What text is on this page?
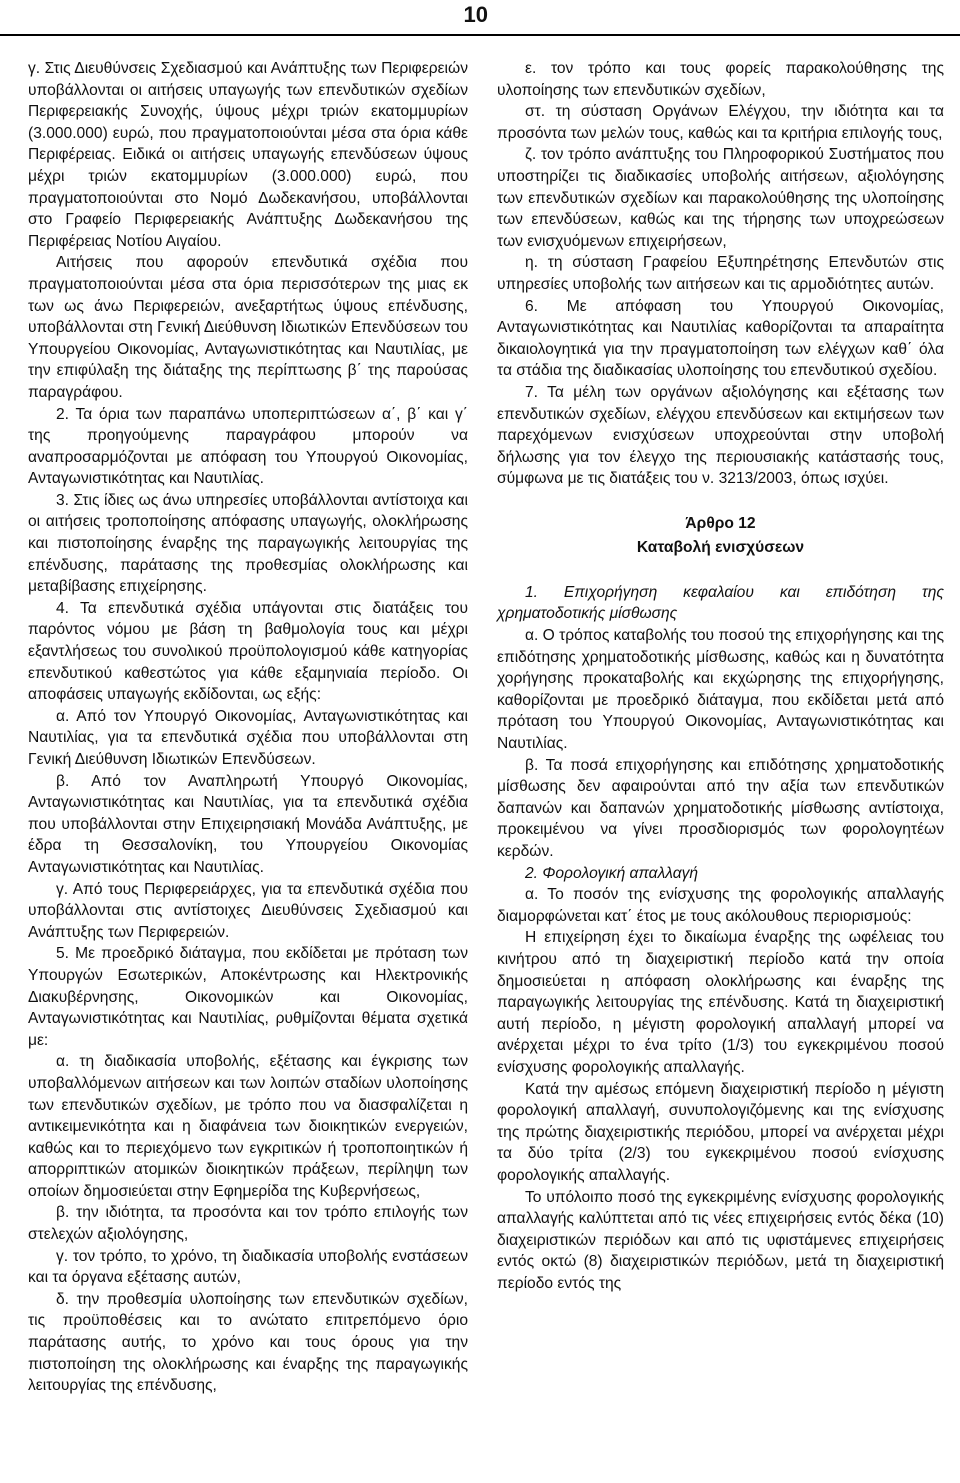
10

γ. Στις Διευθύνσεις Σχεδιασμού και Ανάπτυξης των Περιφερειών υποβάλλονται οι αιτήσεις υπαγωγής των επενδυτικών σχεδίων Περιφερειακής Συνοχής, ύψους μέχρι τριών εκατομμυρίων (3.000.000) ευρώ, που πραγματοποιούνται μέσα στα όρια κάθε Περιφέρειας. Ειδικά οι αιτήσεις υπαγωγής επενδύσεων ύψους μέχρι τριών εκατομμυρίων (3.000.000) ευρώ, που πραγματοποιούνται στο Νομό Δωδεκανήσου, υποβάλλονται στο Γραφείο Περιφερειακής Ανάπτυξης Δωδεκανήσου της Περιφέρειας Νοτίου Αιγαίου.

Αιτήσεις που αφορούν επενδυτικά σχέδια που πραγματοποιούνται μέσα στα όρια περισσότερων της μιας εκ των ως άνω Περιφερειών, ανεξαρτήτως ύψους επένδυσης, υποβάλλονται στη Γενική Διεύθυνση Ιδιωτικών Επενδύσεων του Υπουργείου Οικονομίας, Ανταγωνιστικότητας και Ναυτιλίας, με την επιφύλαξη της διάταξης της περίπτωσης β΄ της παρούσας παραγράφου.

2. Τα όρια των παραπάνω υποπεριπτώσεων α΄, β΄ και γ΄ της προηγούμενης παραγράφου μπορούν να αναπροσαρμόζονται με απόφαση του Υπουργού Οικονομίας, Ανταγωνιστικότητας και Ναυτιλίας.

3. Στις ίδιες ως άνω υπηρεσίες υποβάλλονται αντίστοιχα και οι αιτήσεις τροποποίησης απόφασης υπαγωγής, ολοκλήρωσης και πιστοποίησης έναρξης της παραγωγικής λειτουργίας της επένδυσης, παράτασης της προθεσμίας ολοκλήρωσης και μεταβίβασης επιχείρησης.

4. Τα επενδυτικά σχέδια υπάγονται στις διατάξεις του παρόντος νόμου με βάση τη βαθμολογία τους και μέχρι εξαντλήσεως του συνολικού προϋπολογισμού κάθε κατηγορίας επενδυτικού καθεστώτος για κάθε εξαμηνιαία περίοδο. Οι αποφάσεις υπαγωγής εκδίδονται, ως εξής:

α. Από τον Υπουργό Οικονομίας, Ανταγωνιστικότητας και Ναυτιλίας, για τα επενδυτικά σχέδια που υποβάλλονται στη Γενική Διεύθυνση Ιδιωτικών Επενδύσεων.

β. Από τον Αναπληρωτή Υπουργό Οικονομίας, Ανταγωνιστικότητας και Ναυτιλίας, για τα επενδυτικά σχέδια που υποβάλλονται στην Επιχειρησιακή Μονάδα Ανάπτυξης, με έδρα τη Θεσσαλονίκη, του Υπουργείου Οικονομίας Ανταγωνιστικότητας και Ναυτιλίας.

γ. Από τους Περιφερειάρχες, για τα επενδυτικά σχέδια που υποβάλλονται στις αντίστοιχες Διευθύνσεις Σχεδιασμού και Ανάπτυξης των Περιφερειών.

5. Με προεδρικό διάταγμα, που εκδίδεται με πρόταση των Υπουργών Εσωτερικών, Αποκέντρωσης και Ηλεκτρονικής Διακυβέρνησης, Οικονομικών και Οικονομίας, Ανταγωνιστικότητας και Ναυτιλίας, ρυθμίζονται θέματα σχετικά με:

α. τη διαδικασία υποβολής, εξέτασης και έγκρισης των υποβαλλόμενων αιτήσεων και των λοιπών σταδίων υλοποίησης των επενδυτικών σχεδίων, με τρόπο που να διασφαλίζεται η αντικειμενικότητα και η διαφάνεια των διοικητικών ενεργειών, καθώς και το περιεχόμενο των εγκριτικών ή τροποποιητικών ή απορριπτικών ατομικών διοικητικών πράξεων, περίληψη των οποίων δημοσιεύεται στην Εφημερίδα της Κυβερνήσεως,

β. την ιδιότητα, τα προσόντα και τον τρόπο επιλογής των στελεχών αξιολόγησης,

γ. τον τρόπο, το χρόνο, τη διαδικασία υποβολής ενστάσεων και τα όργανα εξέτασης αυτών,

δ. την προθεσμία υλοποίησης των επενδυτικών σχεδίων, τις προϋποθέσεις και το ανώτατο επιτρεπόμενο όριο παράτασης αυτής, το χρόνο και τους όρους για την πιστοποίηση της ολοκλήρωσης και έναρξης της παραγωγικής λειτουργίας της επένδυσης,

ε. τον τρόπο και τους φορείς παρακολούθησης της υλοποίησης των επενδυτικών σχεδίων,

στ. τη σύσταση Οργάνων Ελέγχου, την ιδιότητα και τα προσόντα των μελών τους, καθώς και τα κριτήρια επιλογής τους,

ζ. τον τρόπο ανάπτυξης του Πληροφορικού Συστήματος που υποστηρίζει τις διαδικασίες υποβολής αιτήσεων, αξιολόγησης των επενδυτικών σχεδίων και παρακολούθησης της υλοποίησης των επενδύσεων, καθώς και της τήρησης των υποχρεώσεων των ενισχυόμενων επιχειρήσεων,

η. τη σύσταση Γραφείου Εξυπηρέτησης Επενδυτών στις υπηρεσίες υποβολής των αιτήσεων και τις αρμοδιότητες αυτών.

6. Με απόφαση του Υπουργού Οικονομίας, Ανταγωνιστικότητας και Ναυτιλίας καθορίζονται τα απαραίτητα δικαιολογητικά για την πραγματοποίηση των ελέγχων καθ΄ όλα τα στάδια της διαδικασίας υλοποίησης του επενδυτικού σχεδίου.

7. Τα μέλη των οργάνων αξιολόγησης και εξέτασης των επενδυτικών σχεδίων, ελέγχου επενδύσεων και εκτιμήσεων των παρεχόμενων ενισχύσεων υποχρεούνται στην υποβολή δήλωσης για τον έλεγχο της περιουσιακής κατάστασής τους, σύμφωνα με τις διατάξεις του ν. 3213/2003, όπως ισχύει.

Άρθρο 12
Καταβολή ενισχύσεων

1. Επιχορήγηση κεφαλαίου και επιδότηση της χρηματοδοτικής μίσθωσης

α. Ο τρόπος καταβολής του ποσού της επιχορήγησης και της επιδότησης χρηματοδοτικής μίσθωσης, καθώς και η δυνατότητα χορήγησης προκαταβολής και εκχώρησης της επιχορήγησης, καθορίζονται με προεδρικό διάταγμα, που εκδίδεται μετά από πρόταση του Υπουργού Οικονομίας, Ανταγωνιστικότητας και Ναυτιλίας.

β. Τα ποσά επιχορήγησης και επιδότησης χρηματοδοτικής μίσθωσης δεν αφαιρούνται από την αξία των επενδυτικών δαπανών και δαπανών χρηματοδοτικής μίσθωσης αντίστοιχα, προκειμένου να γίνει προσδιορισμός των φορολογητέων κερδών.

2. Φορολογική απαλλαγή

α. Το ποσόν της ενίσχυσης της φορολογικής απαλλαγής διαμορφώνεται κατ΄ έτος με τους ακόλουθους περιορισμούς:

Η επιχείρηση έχει το δικαίωμα έναρξης της ωφέλειας του κινήτρου από τη διαχειριστική περίοδο κατά την οποία δημοσιεύεται η απόφαση ολοκλήρωσης και έναρξης της παραγωγικής λειτουργίας της επένδυσης. Κατά τη διαχειριστική αυτή περίοδο, η μέγιστη φορολογική απαλλαγή μπορεί να ανέρχεται μέχρι το ένα τρίτο (1/3) του εγκεκριμένου ποσού ενίσχυσης φορολογικής απαλλαγής.

Κατά την αμέσως επόμενη διαχειριστική περίοδο η μέγιστη φορολογική απαλλαγή, συνυπολογιζόμενης και της ενίσχυσης της πρώτης διαχειριστικής περιόδου, μπορεί να ανέρχεται μέχρι τα δύο τρίτα (2/3) του εγκεκριμένου ποσού ενίσχυσης φορολογικής απαλλαγής.

Το υπόλοιπο ποσό της εγκεκριμένης ενίσχυσης φορολογικής απαλλαγής καλύπτεται από τις νέες επιχειρήσεις εντός δέκα (10) διαχειριστικών περιόδων και από τις υφιστάμενες επιχειρήσεις εντός οκτώ (8) διαχειριστικών περιόδων, μετά τη διαχειριστική περίοδο εντός της
